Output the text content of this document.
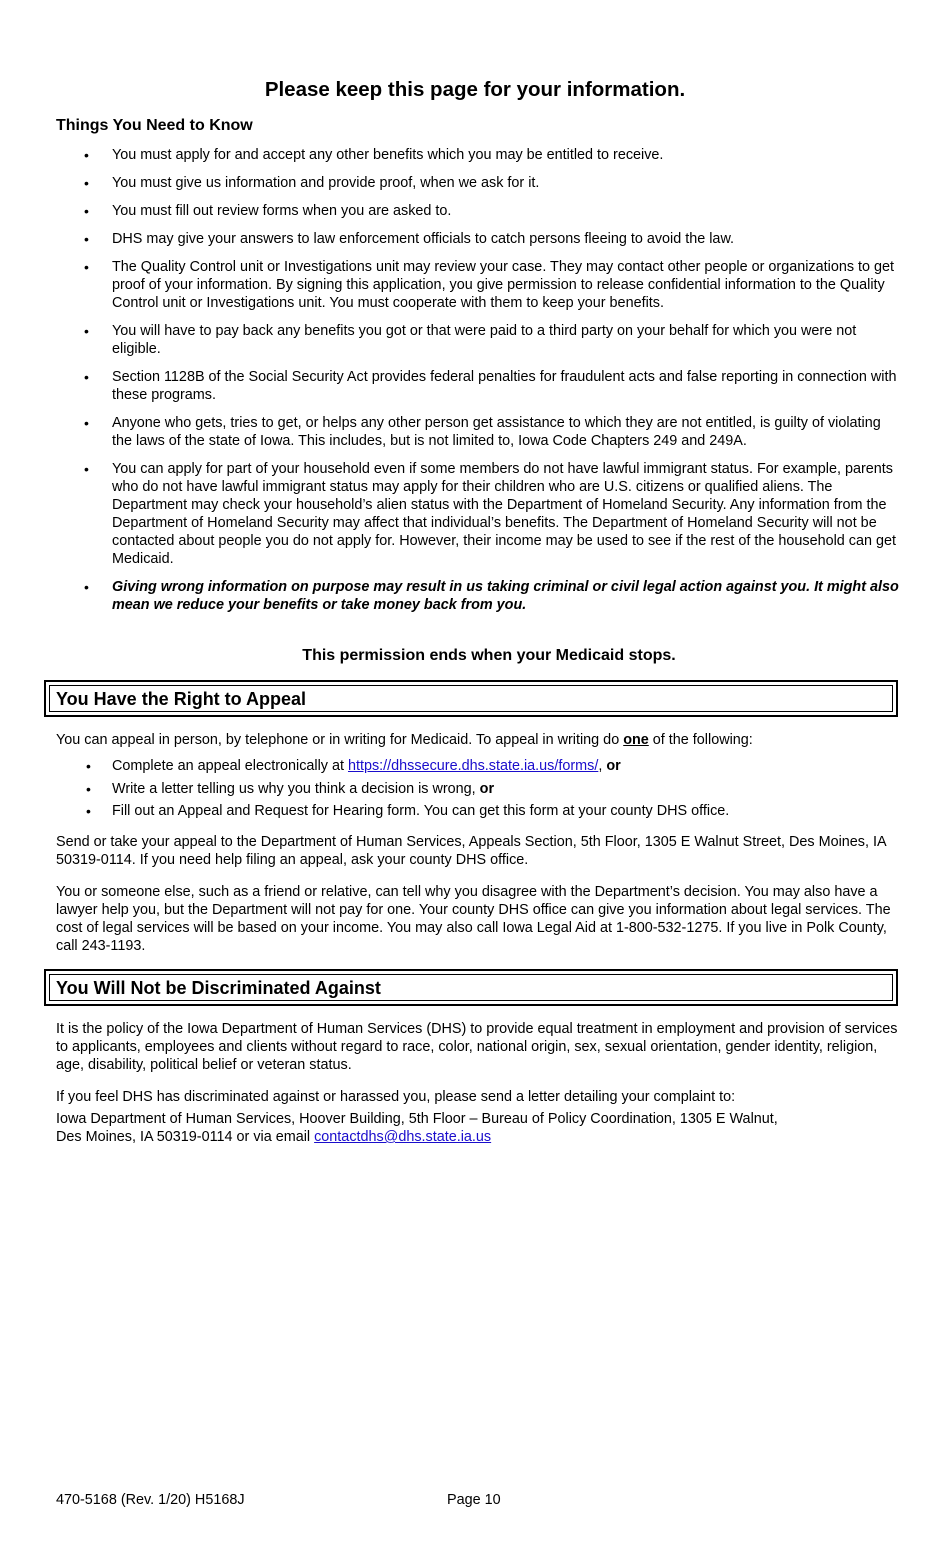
Please keep this page for your information.
Things You Need to Know
• You must apply for and accept any other benefits which you may be entitled to receive.
• You must give us information and provide proof, when we ask for it.
• You must fill out review forms when you are asked to.
• DHS may give your answers to law enforcement officials to catch persons fleeing to avoid the law.
• The Quality Control unit or Investigations unit may review your case. They may contact other people or organizations to get proof of your information. By signing this application, you give permission to release confidential information to the Quality Control unit or Investigations unit. You must cooperate with them to keep your benefits.
• You will have to pay back any benefits you got or that were paid to a third party on your behalf for which you were not eligible.
• Section 1128B of the Social Security Act provides federal penalties for fraudulent acts and false reporting in connection with these programs.
• Anyone who gets, tries to get, or helps any other person get assistance to which they are not entitled, is guilty of violating the laws of the state of Iowa. This includes, but is not limited to, Iowa Code Chapters 249 and 249A.
• You can apply for part of your household even if some members do not have lawful immigrant status. For example, parents who do not have lawful immigrant status may apply for their children who are U.S. citizens or qualified aliens. The Department may check your household’s alien status with the Department of Homeland Security. Any information from the Department of Homeland Security may affect that individual’s benefits. The Department of Homeland Security will not be contacted about people you do not apply for. However, their income may be used to see if the rest of the household can get Medicaid.
• Giving wrong information on purpose may result in us taking criminal or civil legal action against you. It might also mean we reduce your benefits or take money back from you.

This permission ends when your Medicaid stops.

You Have the Right to Appeal

You can appeal in person, by telephone or in writing for Medicaid. To appeal in writing do one of the following:

• Complete an appeal electronically at https://dhssecure.dhs.state.ia.us/forms/, or
• Write a letter telling us why you think a decision is wrong, or
• Fill out an Appeal and Request for Hearing form. You can get this form at your county DHS office.

Send or take your appeal to the Department of Human Services, Appeals Section, 5th Floor, 1305 E Walnut Street, Des Moines, IA 50319-0114. If you need help filing an appeal, ask your county DHS office.

You or someone else, such as a friend or relative, can tell why you disagree with the Department’s decision. You may also have a lawyer help you, but the Department will not pay for one. Your county DHS office can give you information about legal services. The cost of legal services will be based on your income. You may also call Iowa Legal Aid at 1-800-532-1275. If you live in Polk County, call 243-1193.

You Will Not be Discriminated Against

It is the policy of the Iowa Department of Human Services (DHS) to provide equal treatment in employment and provision of services to applicants, employees and clients without regard to race, color, national origin, sex, sexual orientation, gender identity, religion, age, disability, political belief or veteran status.

If you feel DHS has discriminated against or harassed you, please send a letter detailing your complaint to:

Iowa Department of Human Services, Hoover Building, 5th Floor – Bureau of Policy Coordination, 1305 E Walnut,
Des Moines, IA 50319-0114 or via email contactdhs@dhs.state.ia.us

470-5168 (Rev. 1/20) H5168J	Page 10
